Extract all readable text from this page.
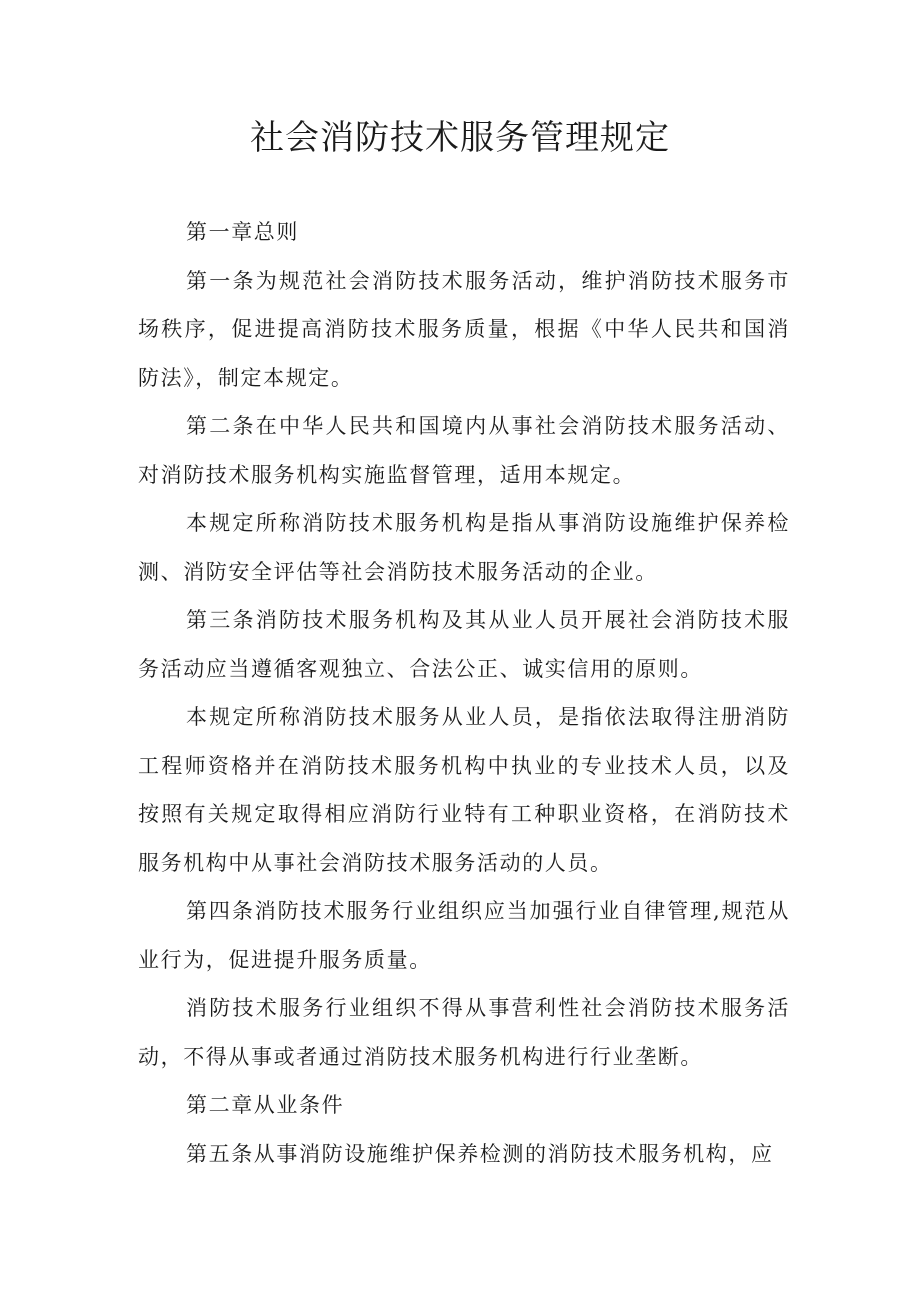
社会消防技术服务管理规定

第一章总则

第一条为规范社会消防技术服务活动，维护消防技术服务市场秩序，促进提高消防技术服务质量，根据《中华人民共和国消防法》，制定本规定。

第二条在中华人民共和国境内从事社会消防技术服务活动、对消防技术服务机构实施监督管理，适用本规定。

本规定所称消防技术服务机构是指从事消防设施维护保养检测、消防安全评估等社会消防技术服务活动的企业。

第三条消防技术服务机构及其从业人员开展社会消防技术服务活动应当遵循客观独立、合法公正、诚实信用的原则。

本规定所称消防技术服务从业人员，是指依法取得注册消防工程师资格并在消防技术服务机构中执业的专业技术人员，以及按照有关规定取得相应消防行业特有工种职业资格，在消防技术服务机构中从事社会消防技术服务活动的人员。

第四条消防技术服务行业组织应当加强行业自律管理,规范从业行为，促进提升服务质量。

消防技术服务行业组织不得从事营利性社会消防技术服务活动，不得从事或者通过消防技术服务机构进行行业垄断。

第二章从业条件

第五条从事消防设施维护保养检测的消防技术服务机构，应
